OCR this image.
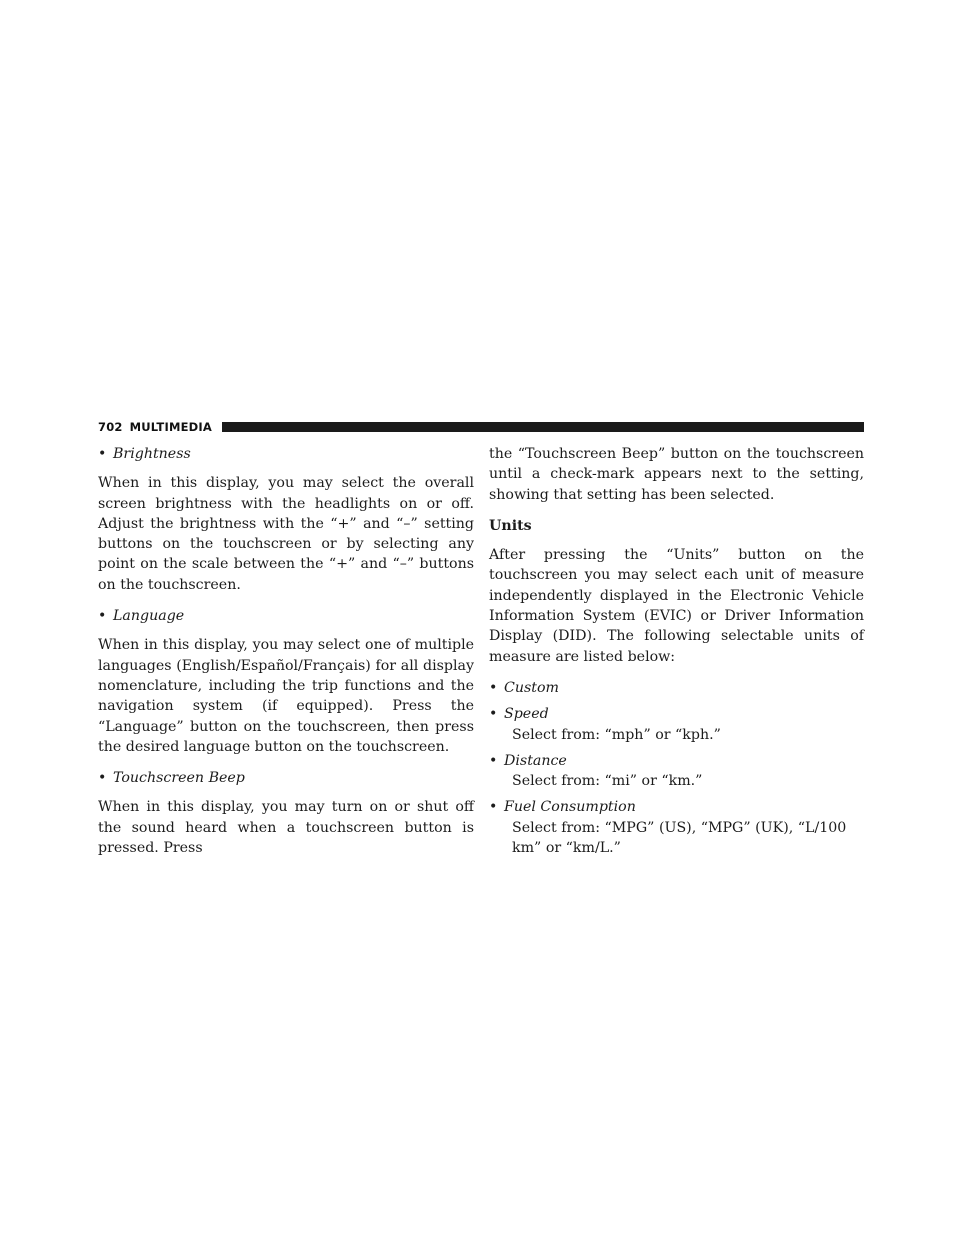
702 MULTIMEDIA
• Brightness

When in this display, you may select the overall screen brightness with the headlights on or off. Adjust the brightness with the “+” and “–” setting buttons on the touchscreen or by selecting any point on the scale between the “+” and “–” buttons on the touchscreen.

• Language

When in this display, you may select one of multiple languages (English/Español/Français) for all display nomenclature, including the trip functions and the navigation system (if equipped). Press the “Language” button on the touchscreen, then press the desired language button on the touchscreen.

• Touchscreen Beep

When in this display, you may turn on or shut off the sound heard when a touchscreen button is pressed. Press

the “Touchscreen Beep” button on the touchscreen until a check-mark appears next to the setting, showing that setting has been selected.

Units

After pressing the “Units” button on the touchscreen you may select each unit of measure independently displayed in the Electronic Vehicle Information System (EVIC) or Driver Information Display (DID). The following selectable units of measure are listed below:

• Custom
• Speed

Select from: “mph” or “kph.”

• Distance

Select from: “mi” or “km.”

• Fuel Consumption

Select from: “MPG” (US), “MPG” (UK), “L/100 km” or “km/L.”
